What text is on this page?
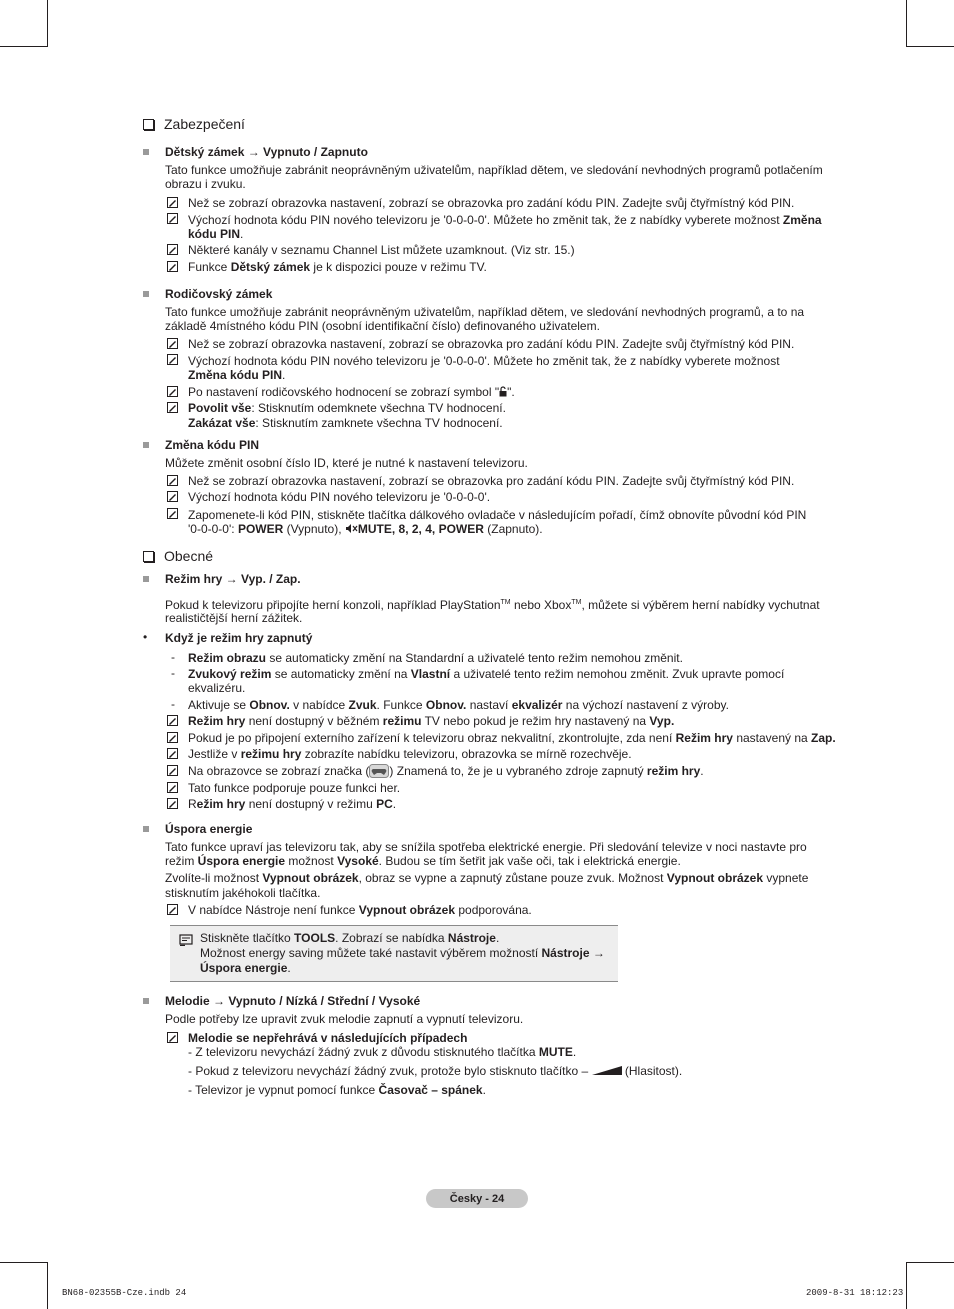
Zabezpečení
Dětský zámek → Vypnuto / Zapnuto
Tato funkce umožňuje zabránit neoprávněným uživatelům, například dětem, ve sledování nevhodných programů potlačením
obrazu i zvuku.
Než se zobrazí obrazovka nastavení, zobrazí se obrazovka pro zadání kódu PIN. Zadejte svůj čtyřmístný kód PIN.
Výchozí hodnota kódu PIN nového televizoru je '0-0-0-0'. Můžete ho změnit tak, že z nabídky vyberete možnost Změna
kódu PIN.
Některé kanály v seznamu Channel List můžete uzamknout. (Viz str. 15.)
Funkce Dětský zámek je k dispozici pouze v režimu TV.
Rodičovský zámek
Tato funkce umožňuje zabránit neoprávněným uživatelům, například dětem, ve sledování nevhodných programů, a to na
základě 4místného kódu PIN (osobní identifikační číslo) definovaného uživatelem.
Než se zobrazí obrazovka nastavení, zobrazí se obrazovka pro zadání kódu PIN. Zadejte svůj čtyřmístný kód PIN.
Výchozí hodnota kódu PIN nového televizoru je '0-0-0-0'. Můžete ho změnit tak, že z nabídky vyberete možnost
Změna kódu PIN.
Po nastavení rodičovského hodnocení se zobrazí symbol " ".
Povolit vše: Stisknutím odemknete všechna TV hodnocení.
Zakázat vše: Stisknutím zamknete všechna TV hodnocení.
Změna kódu PIN
Můžete změnit osobní číslo ID, které je nutné k nastavení televizoru.
Než se zobrazí obrazovka nastavení, zobrazí se obrazovka pro zadání kódu PIN. Zadejte svůj čtyřmístný kód PIN.
Výchozí hodnota kódu PIN nového televizoru je '0-0-0-0'.
Zapomenete-li kód PIN, stiskněte tlačítka dálkového ovladače v následujícím pořadí, čímž obnovíte původní kód PIN
'0-0-0-0': POWER (Vypnuto), MUTE, 8, 2, 4, POWER (Zapnuto).
Obecné
Režim hry → Vyp. / Zap.
Pokud k televizoru připojíte herní konzoli, například PlayStation™ nebo Xbox™, můžete si výběrem herní nabídky vychutnat
realističtější herní zážitek.
• Když je režim hry zapnutý
- Režim obrazu se automaticky změní na Standardní a uživatelé tento režim nemohou změnit.
- Zvukový režim se automaticky změní na Vlastní a uživatelé tento režim nemohou změnit. Zvuk upravte pomocí
ekvalizéru.
- Aktivuje se Obnov. v nabídce Zvuk. Funkce Obnov. nastaví ekvalizér na výchozí nastavení z výroby.
Režim hry není dostupný v běžném režimu TV nebo pokud je režim hry nastavený na Vyp.
Pokud je po připojení externího zařízení k televizoru obraz nekvalitní, zkontrolujte, zda není Režim hry nastavený na Zap.
Jestliže v režimu hry zobrazíte nabídku televizoru, obrazovka se mírně rozechvěje.
Na obrazovce se zobrazí značka ( ) Znamená to, že je u vybraného zdroje zapnutý režim hry.
Tato funkce podporuje pouze funkci her.
Režim hry není dostupný v režimu PC.
Úspora energie
Tato funkce upraví jas televizoru tak, aby se snížila spotřeba elektrické energie. Při sledování televize v noci nastavte pro
režim Úspora energie možnost Vysoké. Budou se tím šetřit jak vaše oči, tak i elektrická energie.
Zvolíte-li možnost Vypnout obrázek, obraz se vypne a zapnutý zůstane pouze zvuk. Možnost Vypnout obrázek vypnete
stisknutím jakéhokoli tlačítka.
V nabídce Nástroje není funkce Vypnout obrázek podporována.
Stiskněte tlačítko TOOLS. Zobrazí se nabídka Nástroje.
Možnost energy saving můžete také nastavit výběrem možností Nástroje →
Úspora energie.
Melodie → Vypnuto / Nízká / Střední / Vysoké
Podle potřeby lze upravit zvuk melodie zapnutí a vypnutí televizoru.
Melodie se nepřehrává v následujících případech
- Z televizoru nevychází žádný zvuk z důvodu stisknutého tlačítka MUTE.
- Pokud z televizoru nevychází žádný zvuk, protože bylo stisknuto tlačítko –	(Hlasitost).
- Televizor je vypnut pomocí funkce Časovač – spánek.
Česky - 24
BN68-02355B-Cze.indb 24	2009-8-31 18:12:23
